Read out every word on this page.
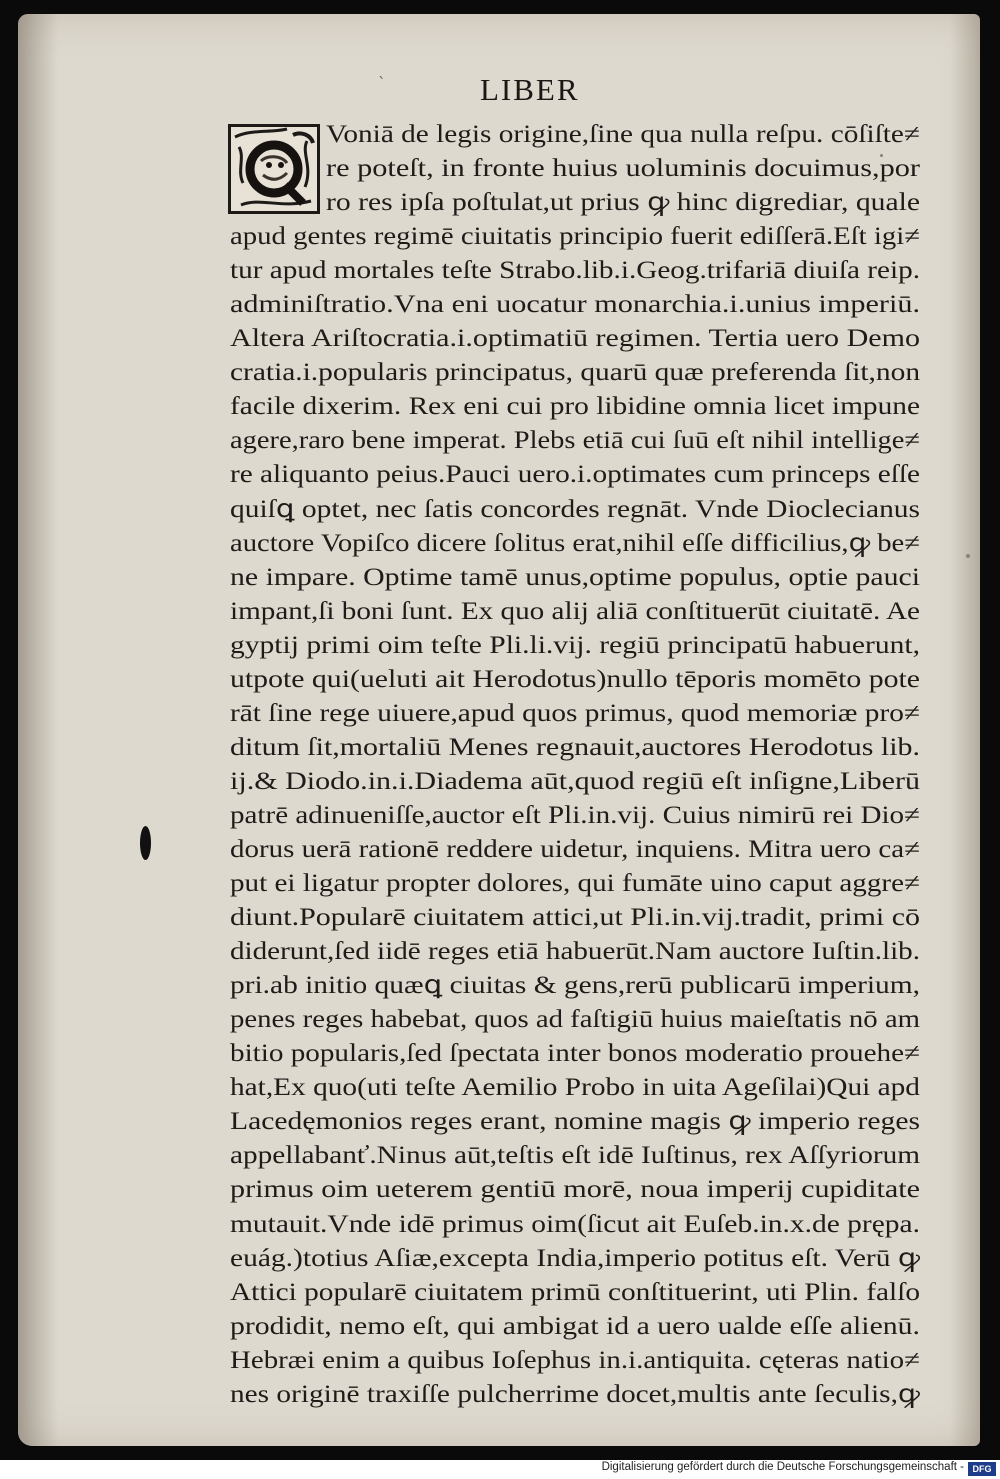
`	LIBER
Voniā de legis origine,ſine qua nulla reſpu. cōſiſte≠
re poteſt, in fronte huius uoluminis docuimus,por
ro res ipſa poſtulat,ut prius ꝙ hinc digrediar, quale
apud gentes regimē ciuitatis principio fuerit ediſſerā.Eſt igi≠
tur apud mortales teſte Strabo.lib.i.Geog.trifariā diuiſa reip.
adminiſtratio.Vna eni uocatur monarchia.i.unius imperiū.
Altera Ariſtocratia.i.optimatiū regimen. Tertia uero Demo
cratia.i.popularis principatus, quarū quæ preferenda ſit,non
facile dixerim. Rex eni cui pro libidine omnia licet impune
agere,raro bene imperat. Plebs etiā cui ſuū eſt nihil intellige≠
re aliquanto peius.Pauci uero.i.optimates cum princeps eſſe
quiſꝗ optet, nec ſatis concordes regnāt. Vnde Dioclecianus
auctore Vopiſco dicere ſolitus erat,nihil eſſe difficilius,ꝙ be≠
ne impare. Optime tamē unus,optime populus, optie pauci
impant,ſi boni ſunt. Ex quo alij aliā conſtituerūt ciuitatē. Ae
gyptij primi oim teſte Pli.li.vij. regiū principatū habuerunt,
utpote qui(ueluti ait Herodotus)nullo tēporis momēto pote
rāt ſine rege uiuere,apud quos primus, quod memoriæ pro≠
ditum ſit,mortaliū Menes regnauit,auctores Herodotus lib.
ij.& Diodo.in.i.Diadema aūt,quod regiū eſt inſigne,Liberū
patrē adinueniſſe,auctor eſt Pli.in.vij. Cuius nimirū rei Dio≠
dorus uerā rationē reddere uidetur, inquiens. Mitra uero ca≠
put ei ligatur propter dolores, qui fumāte uino caput aggre≠
diunt.Popularē ciuitatem attici,ut Pli.in.vij.tradit, primi cō
diderunt,ſed iidē reges etiā habuerūt.Nam auctore Iuſtin.lib.
pri.ab initio quæꝗ ciuitas & gens,rerū publicarū imperium,
penes reges habebat, quos ad faſtigiū huius maieſtatis nō am
bitio popularis,ſed ſpectata inter bonos moderatio prouehe≠
hat,Ex quo(uti teſte Aemilio Probo in uita Ageſilai)Qui apd
Lacedęmonios reges erant, nomine magis ꝙ imperio reges
appellabanť.Ninus aūt,teſtis eſt idē Iuſtinus, rex Aſſyriorum
primus oim ueterem gentiū morē, noua imperij cupiditate
mutauit.Vnde idē primus oim(ſicut ait Euſeb.in.x.de prępa.
euág.)totius Aſiæ,excepta India,imperio potitus eſt. Verū ꝙ
Attici popularē ciuitatem primū conſtituerint, uti Plin. falſo
prodidit, nemo eſt, qui ambigat id a uero ualde eſſe alienū.
Hebræi enim a quibus Ioſephus in.i.antiquita. cęteras natio≠
nes originē traxiſſe pulcherrime docet,multis ante ſeculis,ꝙ
Digitalisierung gefördert durch die Deutsche Forschungsgemeinschaft - DFG
